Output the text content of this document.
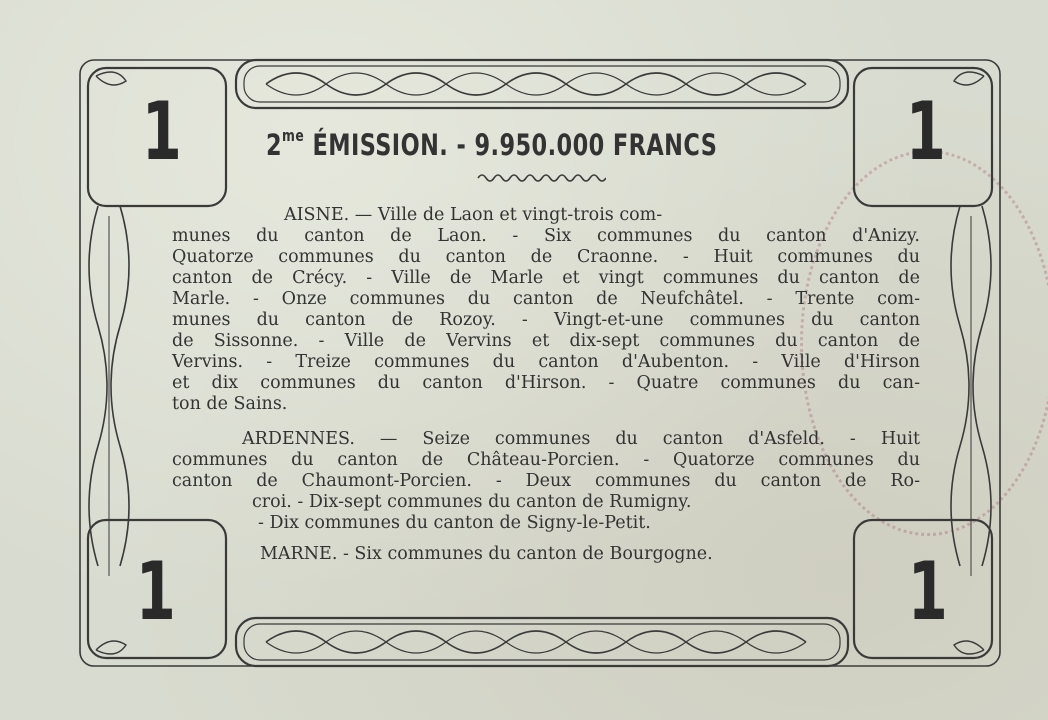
1	1
1	1
$2^{me}$ ÉMISSION. - 9.950.000 FRANCS
AISNE. — Ville de Laon et vingt-trois com-
munes du canton de Laon. - Six communes du canton d'Anizy.
Quatorze communes du canton de Craonne. - Huit communes du
canton de Crécy. - Ville de Marle et vingt communes du canton de
Marle. - Onze communes du canton de Neufchâtel. - Trente com-
munes du canton de Rozoy. - Vingt-et-une communes du canton
de Sissonne. - Ville de Vervins et dix-sept communes du canton de
Vervins. - Treize communes du canton d'Aubenton. - Ville d'Hirson
et dix communes du canton d'Hirson. - Quatre communes du can-
ton de Sains.
ARDENNES. — Seize communes du canton d'Asfeld. - Huit
communes du canton de Château-Porcien. - Quatorze communes du
canton de Chaumont-Porcien. - Deux communes du canton de Ro-
croi. - Dix-sept communes du canton de Rumigny.
- Dix communes du canton de Signy-le-Petit.
MARNE. - Six communes du canton de Bourgogne.
